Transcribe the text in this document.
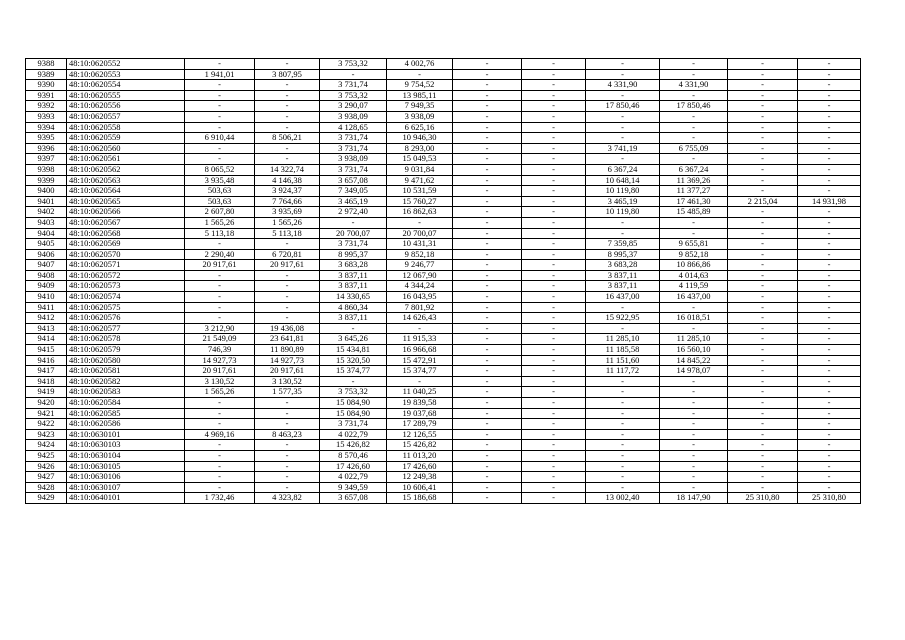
9388	48:10:0620552	-	-	3 753,32	4 002,76	-	-	-	-	-	-
9389	48:10:0620553	1 941,01	3 807,95	-	-	-	-	-	-	-	-
9390	48:10:0620554	-	-	3 731,74	9 754,52	-	-	4 331,90	4 331,90	-	-
9391	48:10:0620555	-	-	3 753,32	13 985,11	-	-	-	-	-	-
9392	48:10:0620556	-	-	3 290,07	7 949,35	-	-	17 850,46	17 850,46	-	-
9393	48:10:0620557	-	-	3 938,09	3 938,09	-	-	-	-	-	-
9394	48:10:0620558	-	-	4 128,65	6 625,16	-	-	-	-	-	-
9395	48:10:0620559	6 910,44	8 506,21	3 731,74	10 946,30	-	-	-	-	-	-
9396	48:10:0620560	-	-	3 731,74	8 293,00	-	-	3 741,19	6 755,09	-	-
9397	48:10:0620561	-	-	3 938,09	15 049,53	-	-	-	-	-	-
9398	48:10:0620562	8 065,52	14 322,74	3 731,74	9 031,84	-	-	6 367,24	6 367,24	-	-
9399	48:10:0620563	3 935,48	4 146,38	3 657,08	9 471,62	-	-	10 648,14	11 369,26	-	-
9400	48:10:0620564	503,63	3 924,37	7 349,05	10 531,59	-	-	10 119,80	11 377,27	-	-
9401	48:10:0620565	503,63	7 764,66	3 465,19	15 760,27	-	-	3 465,19	17 461,30	2 215,04	14 931,98
9402	48:10:0620566	2 607,80	3 935,69	2 972,40	16 862,63	-	-	10 119,80	15 485,89	-	-
9403	48:10:0620567	1 565,26	1 565,26	-	-	-	-	-	-	-	-
9404	48:10:0620568	5 113,18	5 113,18	20 700,07	20 700,07	-	-	-	-	-	-
9405	48:10:0620569	-	-	3 731,74	10 431,31	-	-	7 359,85	9 655,81	-	-
9406	48:10:0620570	2 290,40	6 720,81	8 995,37	9 852,18	-	-	8 995,37	9 852,18	-	-
9407	48:10:0620571	20 917,61	20 917,61	3 683,28	9 246,77	-	-	3 683,28	10 866,86	-	-
9408	48:10:0620572	-	-	3 837,11	12 067,90	-	-	3 837,11	4 014,63	-	-
9409	48:10:0620573	-	-	3 837,11	4 344,24	-	-	3 837,11	4 119,59	-	-
9410	48:10:0620574	-	-	14 330,65	16 043,95	-	-	16 437,00	16 437,00	-	-
9411	48:10:0620575	-	-	4 860,34	7 801,92	-	-	-	-	-	-
9412	48:10:0620576	-	-	3 837,11	14 626,43	-	-	15 922,95	16 018,51	-	-
9413	48:10:0620577	3 212,90	19 436,08	-	-	-	-	-	-	-	-
9414	48:10:0620578	21 549,09	23 641,81	3 645,26	11 915,33	-	-	11 285,10	11 285,10	-	-
9415	48:10:0620579	746,39	11 890,89	15 434,81	16 966,68	-	-	11 185,58	16 560,10	-	-
9416	48:10:0620580	14 927,73	14 927,73	15 320,50	15 472,91	-	-	11 151,60	14 845,22	-	-
9417	48:10:0620581	20 917,61	20 917,61	15 374,77	15 374,77	-	-	11 117,72	14 978,07	-	-
9418	48:10:0620582	3 130,52	3 130,52	-	-	-	-	-	-	-	-
9419	48:10:0620583	1 565,26	1 577,35	3 753,32	11 040,25	-	-	-	-	-	-
9420	48:10:0620584	-	-	15 084,90	19 839,58	-	-	-	-	-	-
9421	48:10:0620585	-	-	15 084,90	19 037,68	-	-	-	-	-	-
9422	48:10:0620586	-	-	3 731,74	17 289,79	-	-	-	-	-	-
9423	48:10:0630101	4 969,16	8 463,23	4 022,79	12 126,55	-	-	-	-	-	-
9424	48:10:0630103	-	-	15 426,82	15 426,82	-	-	-	-	-	-
9425	48:10:0630104	-	-	8 570,46	11 013,20	-	-	-	-	-	-
9426	48:10:0630105	-	-	17 426,60	17 426,60	-	-	-	-	-	-
9427	48:10:0630106	-	-	4 022,79	12 249,38	-	-	-	-	-	-
9428	48:10:0630107	-	-	9 349,59	10 606,41	-	-	-	-	-	-
9429	48:10:0640101	1 732,46	4 323,82	3 657,08	15 186,68	-	-	13 002,40	18 147,90	25 310,80	25 310,80
